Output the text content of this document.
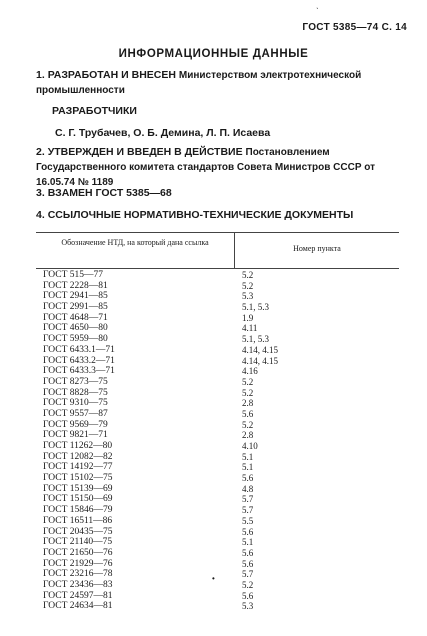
ГОСТ 5385—74 С. 14
ИНФОРМАЦИОННЫЕ ДАННЫЕ
1. РАЗРАБОТАН И ВНЕСЕН Министерством электротехнической промышленности
РАЗРАБОТЧИКИ
С. Г. Трубачев, О. Б. Демина, Л. П. Исаева
2. УТВЕРЖДЕН И ВВЕДЕН В ДЕЙСТВИЕ Постановлением Государственного комитета стандартов Совета Министров СССР от 16.05.74 № 1189
3. ВЗАМЕН ГОСТ 5385—68
4. ССЫЛОЧНЫЕ НОРМАТИВНО-ТЕХНИЧЕСКИЕ ДОКУМЕНТЫ
Обозначение НТД, на который дана ссылка
Номер пункта
ГОСТ 515—77	5.2
ГОСТ 2228—81	5.2
ГОСТ 2941—85	5.3
ГОСТ 2991—85	5.1, 5.3
ГОСТ 4648—71	1.9
ГОСТ 4650—80	4.11
ГОСТ 5959—80	5.1, 5.3
ГОСТ 6433.1—71	4.14, 4.15
ГОСТ 6433.2—71	4.14, 4.15
ГОСТ 6433.3—71	4.16
ГОСТ 8273—75	5.2
ГОСТ 8828—75	5.2
ГОСТ 9310—75	2.8
ГОСТ 9557—87	5.6
ГОСТ 9569—79	5.2
ГОСТ 9821—71	2.8
ГОСТ 11262—80	4.10
ГОСТ 12082—82	5.1
ГОСТ 14192—77	5.1
ГОСТ 15102—75	5.6
ГОСТ 15139—69	4.8
ГОСТ 15150—69	5.7
ГОСТ 15846—79	5.7
ГОСТ 16511—86	5.5
ГОСТ 20435—75	5.6
ГОСТ 21140—75	5.1
ГОСТ 21650—76	5.6
ГОСТ 21929—76	5.6
ГОСТ 23216—78	5.7
ГОСТ 23436—83	5.2
ГОСТ 24597—81	5.6
ГОСТ 24634—81	5.3
•
ˋ
